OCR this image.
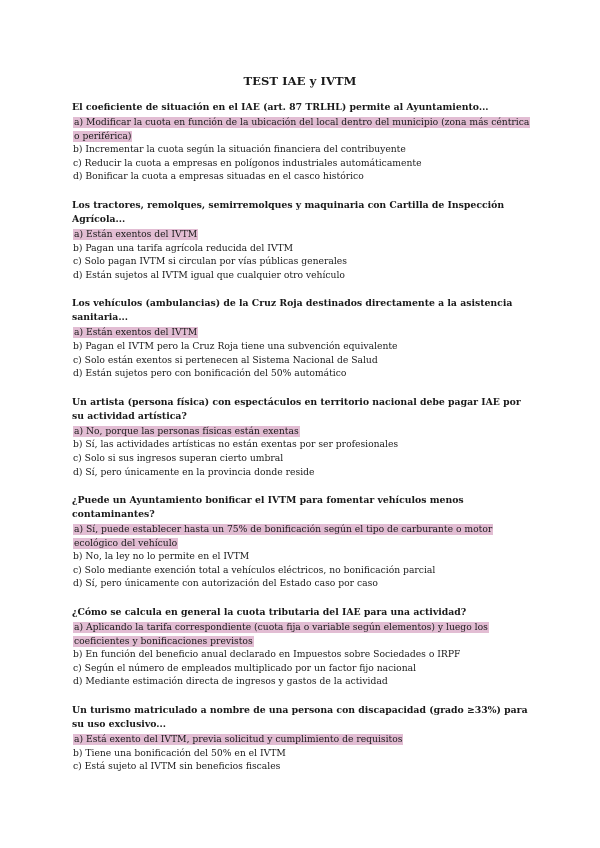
TEST IAE y IVTM
El coeficiente de situación en el IAE (art. 87 TRLHL) permite al Ayuntamiento...
a) Modificar la cuota en función de la ubicación del local dentro del municipio (zona más céntrica o periférica)
b) Incrementar la cuota según la situación financiera del contribuyente
c) Reducir la cuota a empresas en polígonos industriales automáticamente
d) Bonificar la cuota a empresas situadas en el casco histórico
Los tractores, remolques, semirremolques y maquinaria con Cartilla de Inspección Agrícola...
a) Están exentos del IVTM
b) Pagan una tarifa agrícola reducida del IVTM
c) Solo pagan IVTM si circulan por vías públicas generales
d) Están sujetos al IVTM igual que cualquier otro vehículo
Los vehículos (ambulancias) de la Cruz Roja destinados directamente a la asistencia sanitaria...
a) Están exentos del IVTM
b) Pagan el IVTM pero la Cruz Roja tiene una subvención equivalente
c) Solo están exentos si pertenecen al Sistema Nacional de Salud
d) Están sujetos pero con bonificación del 50% automático
Un artista (persona física) con espectáculos en territorio nacional debe pagar IAE por su actividad artística?
a) No, porque las personas físicas están exentas
b) Sí, las actividades artísticas no están exentas por ser profesionales
c) Solo si sus ingresos superan cierto umbral
d) Sí, pero únicamente en la provincia donde reside
¿Puede un Ayuntamiento bonificar el IVTM para fomentar vehículos menos contaminantes?
a) Sí, puede establecer hasta un 75% de bonificación según el tipo de carburante o motor ecológico del vehículo
b) No, la ley no lo permite en el IVTM
c) Solo mediante exención total a vehículos eléctricos, no bonificación parcial
d) Sí, pero únicamente con autorización del Estado caso por caso
¿Cómo se calcula en general la cuota tributaria del IAE para una actividad?
a) Aplicando la tarifa correspondiente (cuota fija o variable según elementos) y luego los coeficientes y bonificaciones previstos
b) En función del beneficio anual declarado en Impuestos sobre Sociedades o IRPF
c) Según el número de empleados multiplicado por un factor fijo nacional
d) Mediante estimación directa de ingresos y gastos de la actividad
Un turismo matriculado a nombre de una persona con discapacidad (grado ≥33%) para su uso exclusivo...
a) Está exento del IVTM, previa solicitud y cumplimiento de requisitos
b) Tiene una bonificación del 50% en el IVTM
c) Está sujeto al IVTM sin beneficios fiscales
